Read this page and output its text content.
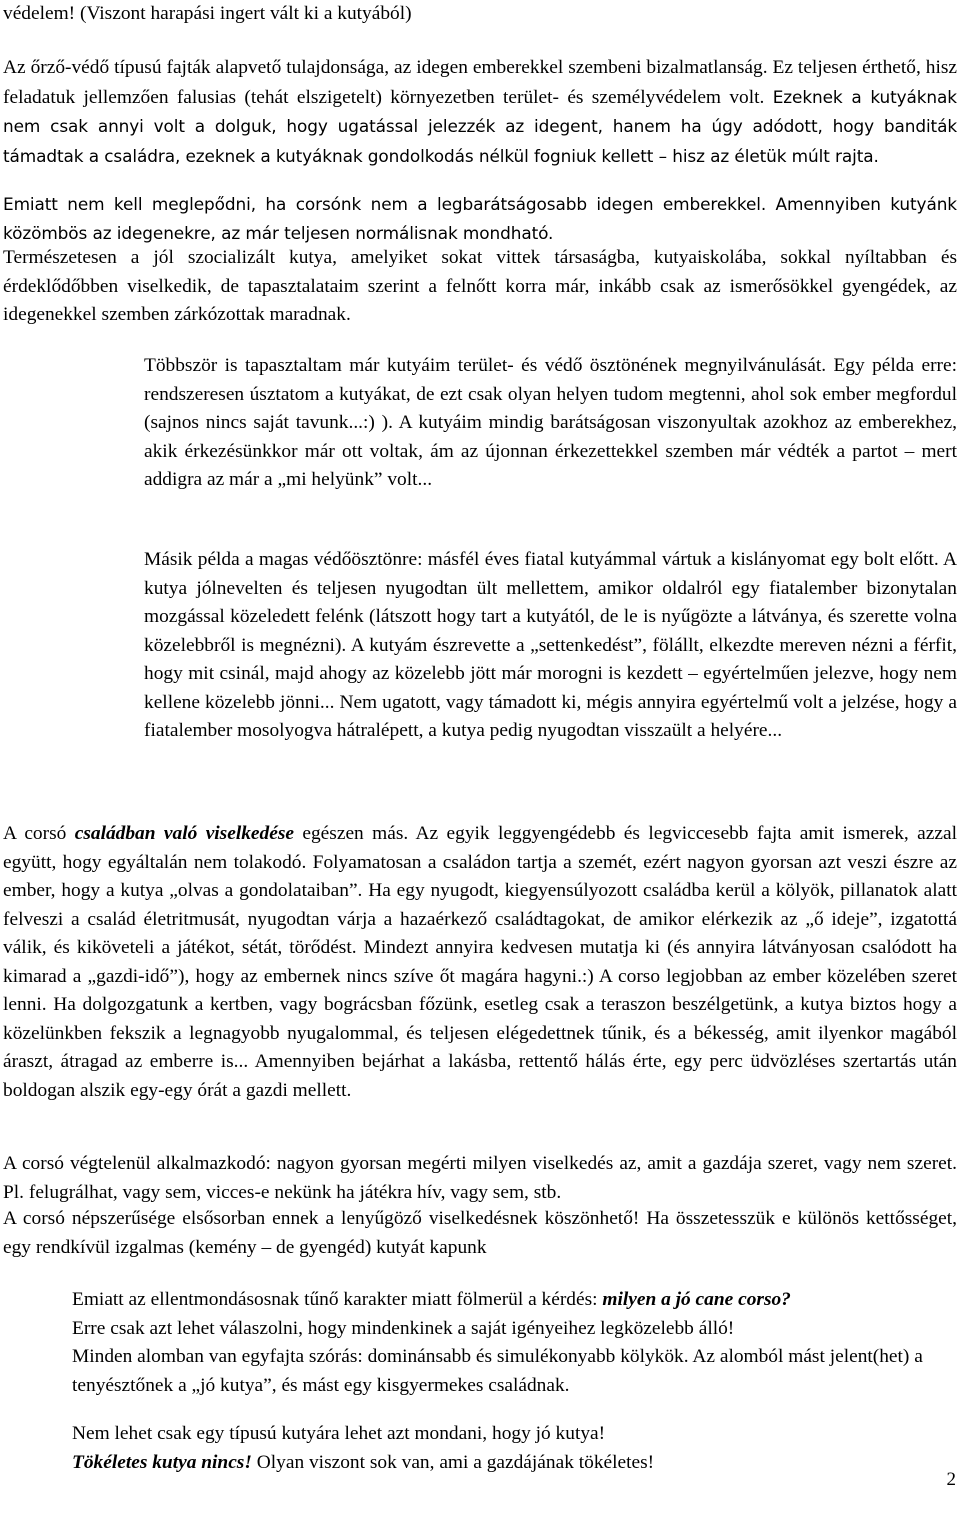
védelem! (Viszont harapási ingert vált ki a kutyából)

Az őrző-védő típusú fajták alapvető tulajdonsága, az idegen emberekkel szembeni bizalmatlanság. Ez teljesen érthető, hisz feladatuk jellemzően falusias (tehát elszigetelt) környezetben terület- és személyvédelem volt. Ezeknek a kutyáknak nem csak annyi volt a dolguk, hogy ugatással jelezzék az idegent, hanem ha úgy adódott, hogy banditák támadtak a családra, ezeknek a kutyáknak gondolkodás nélkül fogniuk kellett – hisz az életük múlt rajta.

Emiatt nem kell meglepődni, ha corsónk nem a legbarátságosabb idegen emberekkel. Amennyiben kutyánk közömbös az idegenekre, az már teljesen normálisnak mondható.

Természetesen a jól szocializált kutya, amelyiket sokat vittek társaságba, kutyaiskolába, sokkal nyíltabban és érdeklődőbben viselkedik, de tapasztalataim szerint a felnőtt korra már, inkább csak az ismerősökkel gyengédek, az idegenekkel szemben zárkózottak maradnak.

Többször is tapasztaltam már kutyáim terület- és védő ösztönének megnyilvánulását. Egy példa erre: rendszeresen úsztatom a kutyákat, de ezt csak olyan helyen tudom megtenni, ahol sok ember megfordul (sajnos nincs saját tavunk...:) ). A kutyáim mindig barátságosan viszonyultak azokhoz az emberekhez, akik érkezésünkkor már ott voltak, ám az újonnan érkezettekkel szemben már védték a partot – mert addigra az már a „mi helyünk” volt...

Másik példa a magas védőösztönre: másfél éves fiatal kutyámmal vártuk a kislányomat egy bolt előtt. A kutya jólnevelten és teljesen nyugodtan ült mellettem, amikor oldalról egy fiatalember bizonytalan mozgással közeledett felénk (látszott hogy tart a kutyától, de le is nyűgözte a látványa, és szerette volna közelebbről is megnézni). A kutyám észrevette a „settenkedést”, fölállt, elkezdte mereven nézni a férfit, hogy mit csinál, majd ahogy az közelebb jött már morogni is kezdett – egyértelműen jelezve, hogy nem kellene közelebb jönni... Nem ugatott, vagy támadott ki, mégis annyira egyértelmű volt a jelzése, hogy a fiatalember mosolyogva hátralépett, a kutya pedig nyugodtan visszaült a helyére...

A corsó családban való viselkedése egészen más. Az egyik leggyengédebb és legviccesebb fajta amit ismerek, azzal együtt, hogy egyáltalán nem tolakodó. Folyamatosan a családon tartja a szemét, ezért nagyon gyorsan azt veszi észre az ember, hogy a kutya „olvas a gondolataiban”. Ha egy nyugodt, kiegyensúlyozott családba kerül a kölyök, pillanatok alatt felveszi a család életritmusát, nyugodtan várja a hazaérkező családtagokat, de amikor elérkezik az „ő ideje”, izgatottá válik, és kiköveteli a játékot, sétát, törődést. Mindezt annyira kedvesen mutatja ki (és annyira látványosan csalódott ha kimarad a „gazdi-idő”), hogy az embernek nincs szíve őt magára hagyni.:) A corso legjobban az ember közelében szeret lenni. Ha dolgozgatunk a kertben, vagy bográcsban főzünk, esetleg csak a teraszon beszélgetünk, a kutya biztos hogy a közelünkben fekszik a legnagyobb nyugalommal, és teljesen elégedettnek tűnik, és a békesség, amit ilyenkor magából áraszt, átragad az emberre is... Amennyiben bejárhat a lakásba, rettentő hálás érte, egy perc üdvözléses szertartás után boldogan alszik egy-egy órát a gazdi mellett.

A corsó végtelenül alkalmazkodó: nagyon gyorsan megérti milyen viselkedés az, amit a gazdája szeret, vagy nem szeret. Pl. felugrálhat, vagy sem, vicces-e nekünk ha játékra hív, vagy sem, stb.

A corsó népszerűsége elsősorban ennek a lenyűgöző viselkedésnek köszönhető! Ha összetesszük e különös kettősséget, egy rendkívül izgalmas (kemény – de gyengéd) kutyát kapunk

Emiatt az ellentmondásosnak tűnő karakter miatt fölmerül a kérdés: milyen a jó cane corso?

Erre csak azt lehet válaszolni, hogy mindenkinek a saját igényeihez legközelebb álló!

Minden alomban van egyfajta szórás: dominánsabb és simulékonyabb kölykök. Az alomból mást jelent(het) a tenyésztőnek a „jó kutya”, és mást egy kisgyermekes családnak.

Nem lehet csak egy típusú kutyára lehet azt mondani, hogy jó kutya!

Tökéletes kutya nincs! Olyan viszont sok van, ami a gazdájának tökéletes!

2
